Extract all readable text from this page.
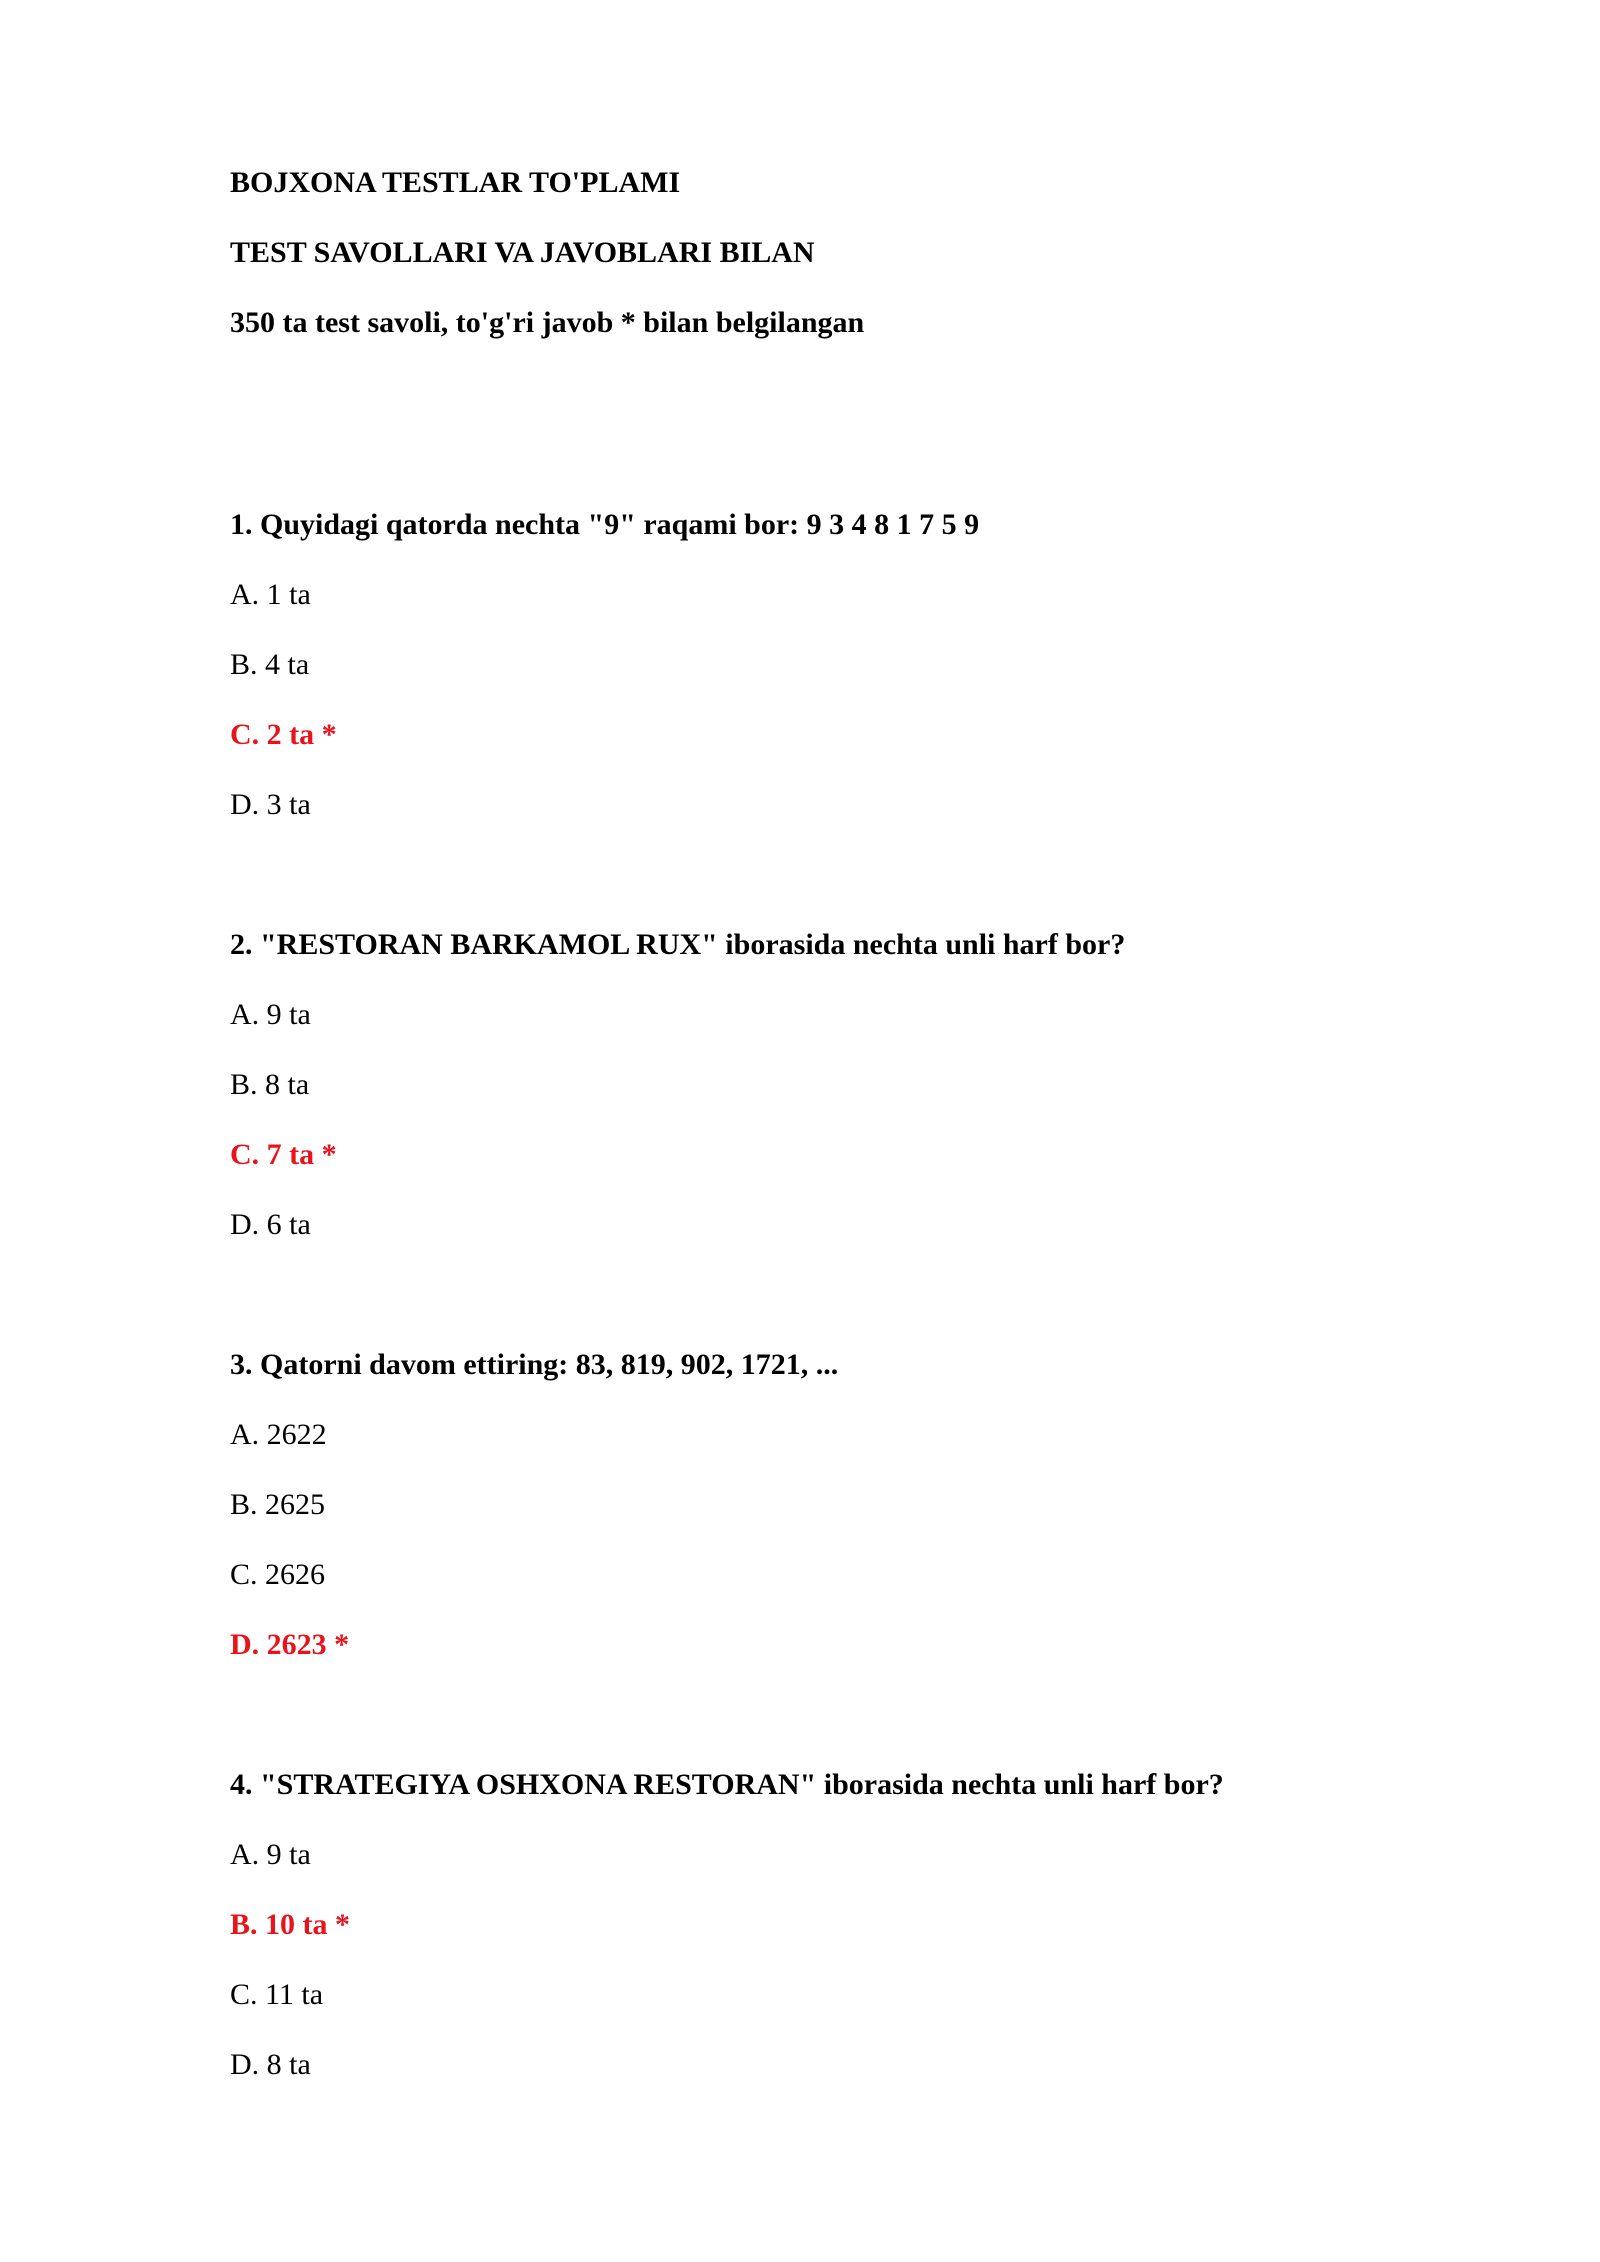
BOJXONA TESTLAR TO'PLAMI
TEST SAVOLLARI VA JAVOBLARI BILAN
350 ta test savoli, to'g'ri javob * bilan belgilangan
1. Quyidagi qatorda nechta "9" raqami bor: 9 3 4 8 1 7 5 9
A. 1 ta
B. 4 ta
C. 2 ta *
D. 3 ta
2. "RESTORAN BARKAMOL RUX" iborasida nechta unli harf bor?
A. 9 ta
B. 8 ta
C. 7 ta *
D. 6 ta
3. Qatorni davom ettiring: 83, 819, 902, 1721, ...
A. 2622
B. 2625
C. 2626
D. 2623 *
4. "STRATEGIYA OSHXONA RESTORAN" iborasida nechta unli harf bor?
A. 9 ta
B. 10 ta *
C. 11 ta
D. 8 ta
